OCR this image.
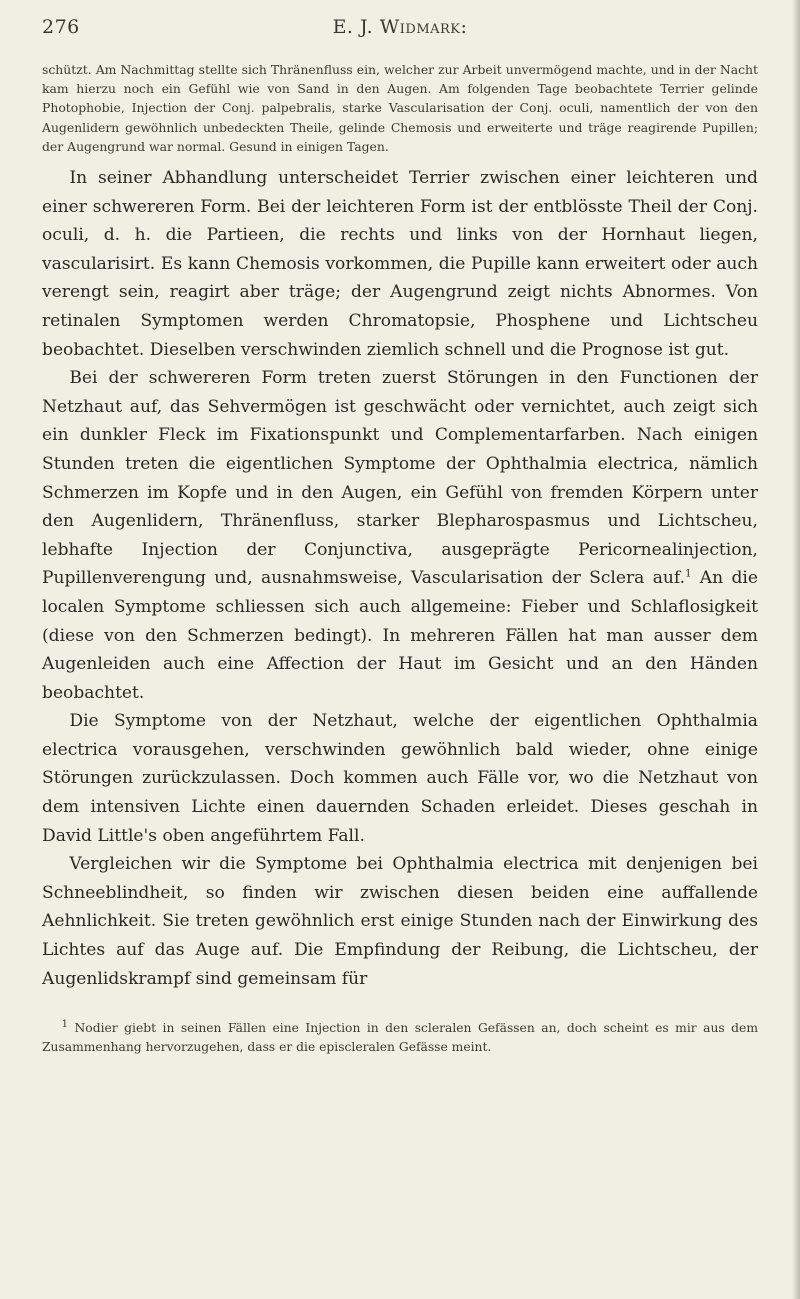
276	E. J. Widmark:
schützt. Am Nachmittag stellte sich Thränenfluss ein, welcher zur Arbeit unvermögend machte, und in der Nacht kam hierzu noch ein Gefühl wie von Sand in den Augen. Am folgenden Tage beobachtete Terrier gelinde Photophobie, Injection der Conj. palpebralis, starke Vascularisation der Conj. oculi, namentlich der von den Augenlidern gewöhnlich unbedeckten Theile, gelinde Chemosis und erweiterte und träge reagirende Pupillen; der Augengrund war normal. Gesund in einigen Tagen.

In seiner Abhandlung unterscheidet Terrier zwischen einer leichteren und einer schwereren Form. Bei der leichteren Form ist der entblösste Theil der Conj. oculi, d. h. die Partieen, die rechts und links von der Hornhaut liegen, vascularisirt. Es kann Chemosis vorkommen, die Pupille kann erweitert oder auch verengt sein, reagirt aber träge; der Augengrund zeigt nichts Abnormes. Von retinalen Symptomen werden Chromatopsie, Phosphene und Lichtscheu beobachtet. Dieselben verschwinden ziemlich schnell und die Prognose ist gut.

Bei der schwereren Form treten zuerst Störungen in den Functionen der Netzhaut auf, das Sehvermögen ist geschwächt oder vernichtet, auch zeigt sich ein dunkler Fleck im Fixationspunkt und Complementarfarben. Nach einigen Stunden treten die eigentlichen Symptome der Ophthalmia electrica, nämlich Schmerzen im Kopfe und in den Augen, ein Gefühl von fremden Körpern unter den Augenlidern, Thränenfluss, starker Blepharospasmus und Lichtscheu, lebhafte Injection der Conjunctiva, ausgeprägte Pericornealinjection, Pupillenverengung und, ausnahmsweise, Vascularisation der Sclera auf.$^1$ An die localen Symptome schliessen sich auch allgemeine: Fieber und Schlaflosigkeit (diese von den Schmerzen bedingt). In mehreren Fällen hat man ausser dem Augenleiden auch eine Affection der Haut im Gesicht und an den Händen beobachtet.

Die Symptome von der Netzhaut, welche der eigentlichen Ophthalmia electrica vorausgehen, verschwinden gewöhnlich bald wieder, ohne einige Störungen zurückzulassen. Doch kommen auch Fälle vor, wo die Netzhaut von dem intensiven Lichte einen dauernden Schaden erleidet. Dieses geschah in David Little's oben angeführtem Fall.

Vergleichen wir die Symptome bei Ophthalmia electrica mit denjenigen bei Schneeblindheit, so finden wir zwischen diesen beiden eine auffallende Aehnlichkeit. Sie treten gewöhnlich erst einige Stunden nach der Einwirkung des Lichtes auf das Auge auf. Die Empfindung der Reibung, die Lichtscheu, der Augenlidskrampf sind gemeinsam für

$^1$ Nodier giebt in seinen Fällen eine Injection in den scleralen Gefässen an, doch scheint es mir aus dem Zusammenhang hervorzugehen, dass er die episcleralen Gefässe meint.
